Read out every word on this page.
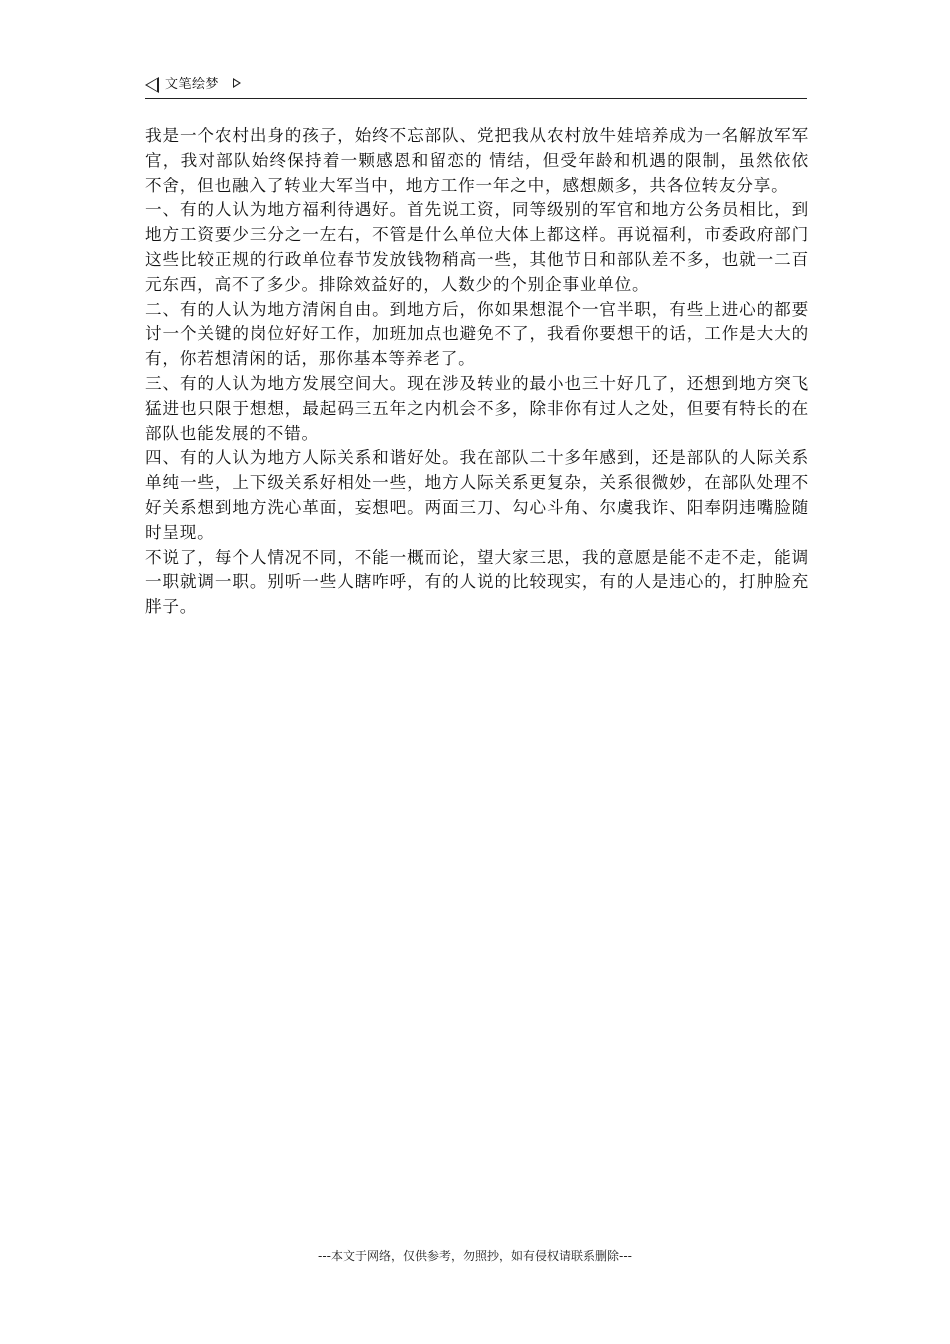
文笔绘梦

我是一个农村出身的孩子，始终不忘部队、党把我从农村放牛娃培养成为一名解放军军官，我对部队始终保持着一颗感恩和留恋的 情结，但受年龄和机遇的限制，虽然依依不舍，但也融入了转业大军当中，地方工作一年之中，感想颇多，共各位转友分享。

一、有的人认为地方福利待遇好。首先说工资，同等级别的军官和地方公务员相比，到地方工资要少三分之一左右，不管是什么单位大体上都这样。再说福利，市委政府部门这些比较正规的行政单位春节发放钱物稍高一些，其他节日和部队差不多，也就一二百元东西，高不了多少。排除效益好的，人数少的个别企事业单位。

二、有的人认为地方清闲自由。到地方后，你如果想混个一官半职，有些上进心的都要讨一个关键的岗位好好工作，加班加点也避免不了，我看你要想干的话，工作是大大的有，你若想清闲的话，那你基本等养老了。

三、有的人认为地方发展空间大。现在涉及转业的最小也三十好几了，还想到地方突飞猛进也只限于想想，最起码三五年之内机会不多，除非你有过人之处，但要有特长的在部队也能发展的不错。

四、有的人认为地方人际关系和谐好处。我在部队二十多年感到，还是部队的人际关系单纯一些，上下级关系好相处一些，地方人际关系更复杂，关系很微妙，在部队处理不好关系想到地方洗心革面，妄想吧。两面三刀、勾心斗角、尔虞我诈、阳奉阴违嘴脸随时呈现。

不说了，每个人情况不同，不能一概而论，望大家三思，我的意愿是能不走不走，能调一职就调一职。别听一些人瞎咋呼，有的人说的比较现实，有的人是违心的，打肿脸充胖子。

---本文于网络，仅供参考，勿照抄，如有侵权请联系删除---
